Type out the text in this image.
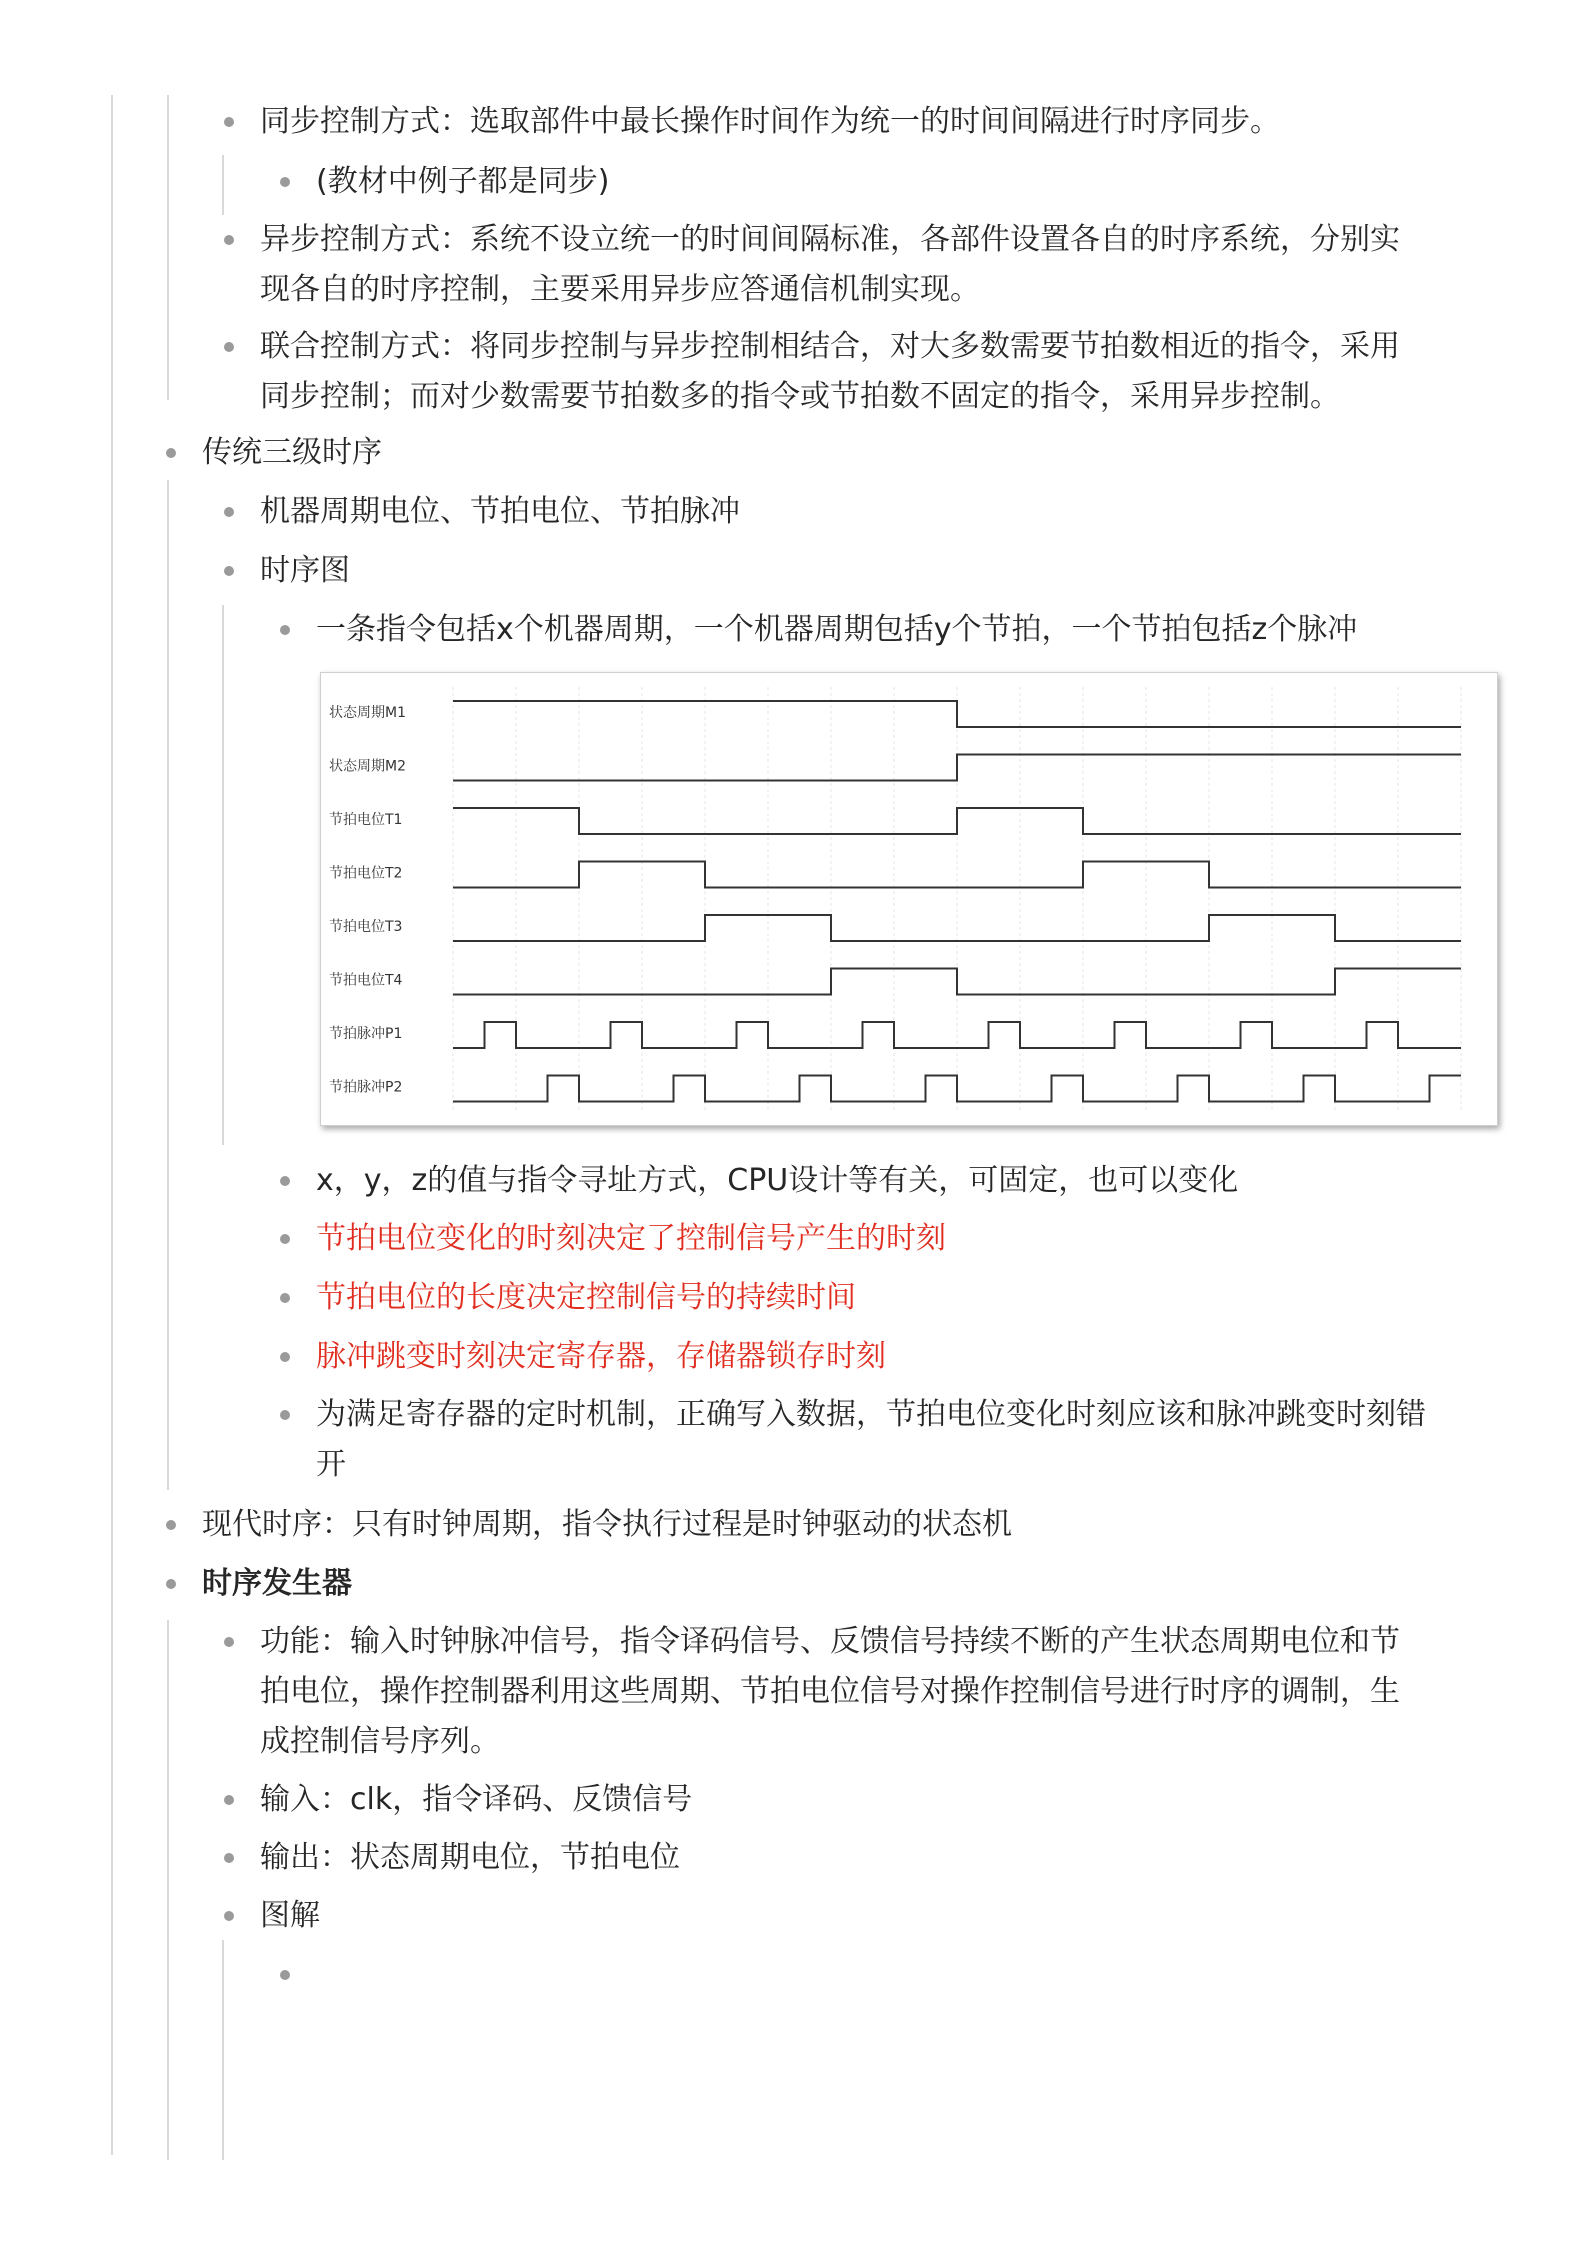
同步控制方式：选取部件中最长操作时间作为统一的时间间隔进行时序同步。
(教材中例子都是同步)
异步控制方式：系统不设立统一的时间间隔标准，各部件设置各自的时序系统，分别实
现各自的时序控制，主要采用异步应答通信机制实现。
联合控制方式：将同步控制与异步控制相结合，对大多数需要节拍数相近的指令，采用
同步控制；而对少数需要节拍数多的指令或节拍数不固定的指令，采用异步控制。
传统三级时序
机器周期电位、节拍电位、节拍脉冲
时序图
一条指令包括x个机器周期，一个机器周期包括y个节拍，一个节拍包括z个脉冲
状态周期M1
状态周期M2
节拍电位T1
节拍电位T2
节拍电位T3
节拍电位T4
节拍脉冲P1
节拍脉冲P2
x，y，z的值与指令寻址方式，CPU设计等有关，可固定，也可以变化
节拍电位变化的时刻决定了控制信号产生的时刻
节拍电位的长度决定控制信号的持续时间
脉冲跳变时刻决定寄存器，存储器锁存时刻
为满足寄存器的定时机制，正确写入数据，节拍电位变化时刻应该和脉冲跳变时刻错
开
现代时序：只有时钟周期，指令执行过程是时钟驱动的状态机
时序发生器
功能：输入时钟脉冲信号，指令译码信号、反馈信号持续不断的产生状态周期电位和节
拍电位，操作控制器利用这些周期、节拍电位信号对操作控制信号进行时序的调制，生
成控制信号序列。
输入：clk，指令译码、反馈信号
输出：状态周期电位，节拍电位
图解
